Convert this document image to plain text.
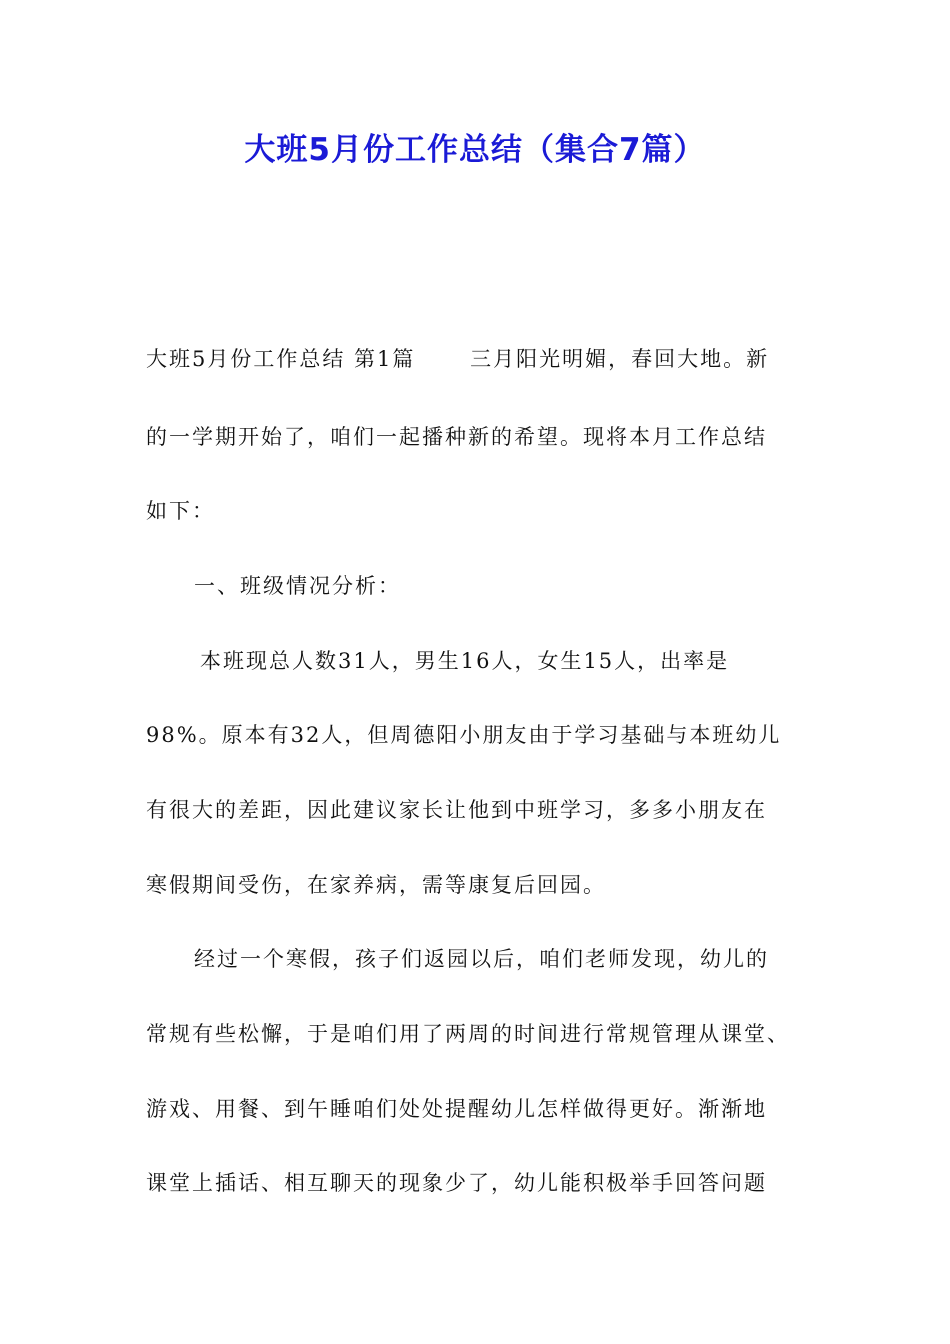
大班5月份工作总结（集合7篇）
大班5月份工作总结 第1篇　　 三月阳光明媚，春回大地。新
的一学期开始了，咱们一起播种新的希望。现将本月工作总结
如下：
一、班级情况分析：
本班现总人数31人，男生16人，女生15人，出率是
98%。原本有32人，但周德阳小朋友由于学习基础与本班幼儿
有很大的差距，因此建议家长让他到中班学习，多多小朋友在
寒假期间受伤，在家养病，需等康复后回园。
经过一个寒假，孩子们返园以后，咱们老师发现，幼儿的
常规有些松懈，于是咱们用了两周的时间进行常规管理从课堂、
游戏、用餐、到午睡咱们处处提醒幼儿怎样做得更好。渐渐地
课堂上插话、相互聊天的现象少了，幼儿能积极举手回答问题
